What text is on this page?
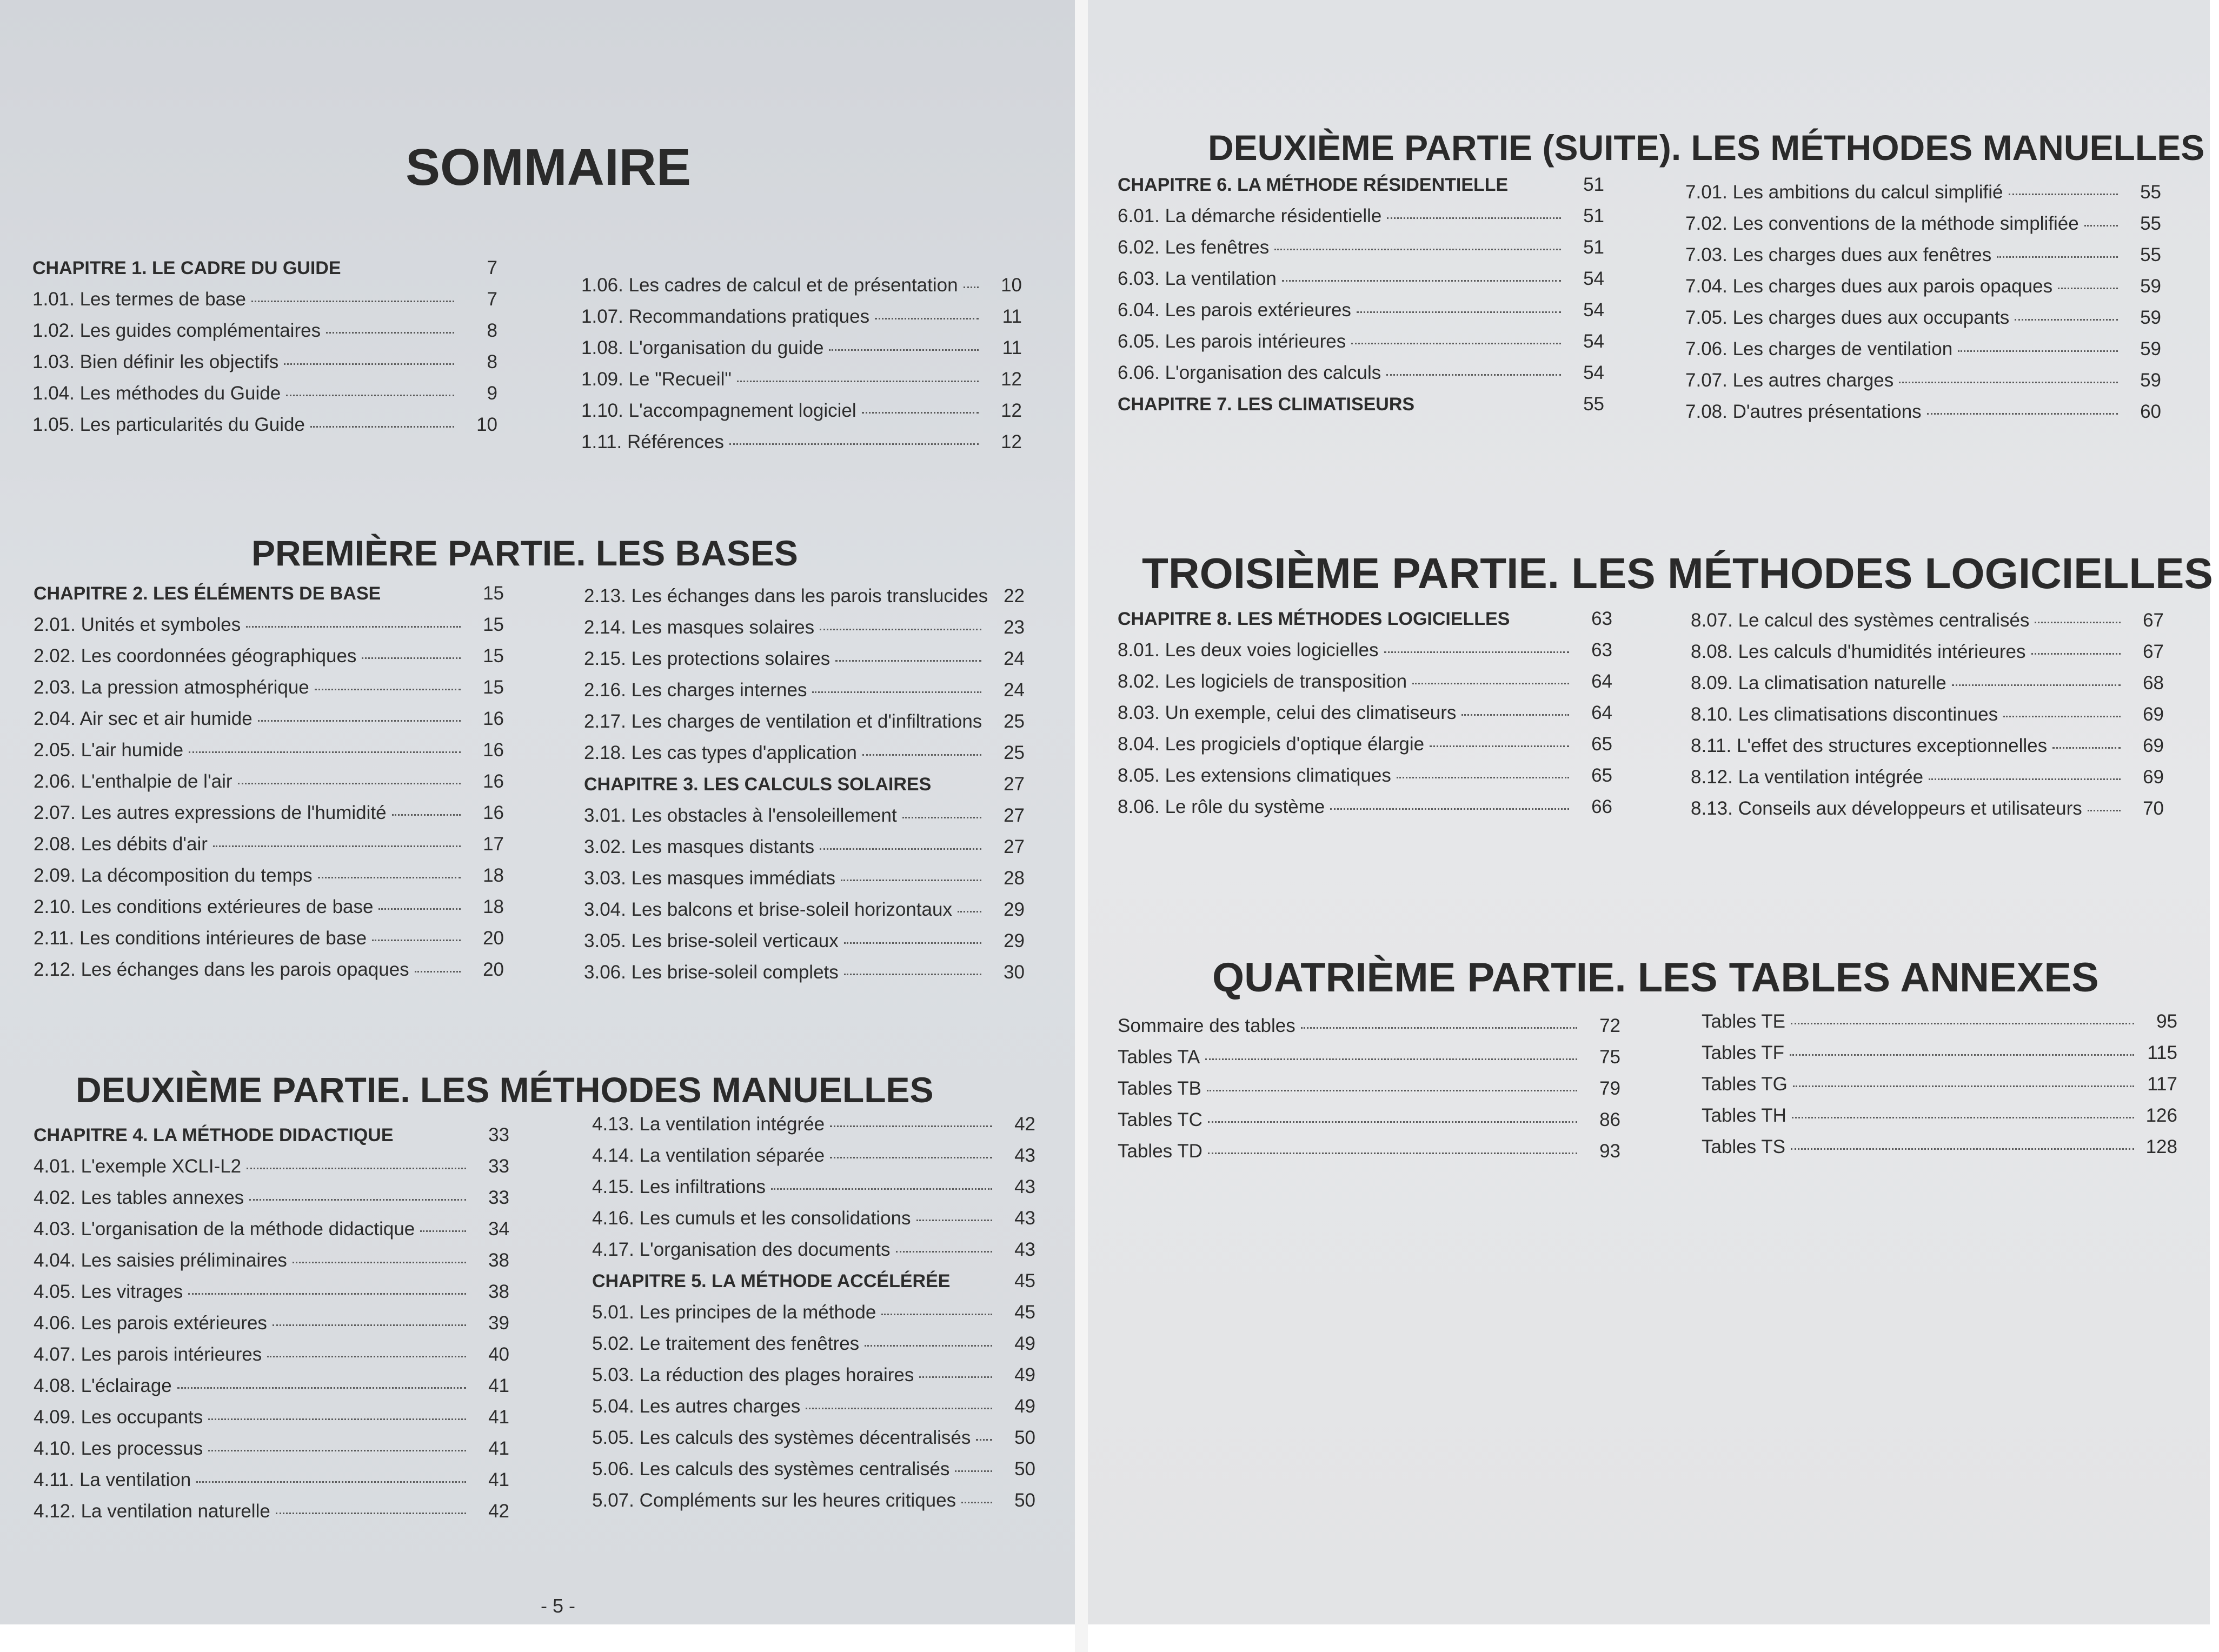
SOMMAIRE
CHAPITRE 1. LE CADRE DU GUIDE	7
1.01. Les termes de base	7
1.02. Les guides complémentaires	8
1.03. Bien définir les objectifs	8
1.04. Les méthodes du Guide	9
1.05. Les particularités du Guide	10
1.06. Les cadres de calcul et de présentation	10
1.07. Recommandations pratiques	11
1.08. L'organisation du guide	11
1.09. Le "Recueil"	12
1.10. L'accompagnement logiciel	12
1.11. Références	12
PREMIÈRE PARTIE. LES BASES
CHAPITRE 2. LES ÉLÉMENTS DE BASE	15
2.01. Unités et symboles	15
2.02. Les coordonnées géographiques	15
2.03. La pression atmosphérique	15
2.04. Air sec et air humide	16
2.05. L'air humide	16
2.06. L'enthalpie de l'air	16
2.07. Les autres expressions de l'humidité	16
2.08. Les débits d'air	17
2.09. La décomposition du temps	18
2.10. Les conditions extérieures de base	18
2.11. Les conditions intérieures de base	20
2.12. Les échanges dans les parois opaques	20
2.13. Les échanges dans les parois translucides 22
2.14. Les masques solaires	23
2.15. Les protections solaires	24
2.16. Les charges internes	24
2.17. Les charges de ventilation et d'infiltrations	25
2.18. Les cas types d'application	25
CHAPITRE 3. LES CALCULS SOLAIRES	27
3.01. Les obstacles à l'ensoleillement	27
3.02. Les masques distants	27
3.03. Les masques immédiats	28
3.04. Les balcons et brise-soleil horizontaux	29
3.05. Les brise-soleil verticaux	29
3.06. Les brise-soleil complets	30
DEUXIÈME PARTIE. LES MÉTHODES MANUELLES
CHAPITRE 4. LA MÉTHODE DIDACTIQUE	33
4.01. L'exemple XCLI-L2	33
4.02. Les tables annexes	33
4.03. L'organisation de la méthode didactique	34
4.04. Les saisies préliminaires	38
4.05. Les vitrages	38
4.06. Les parois extérieures	39
4.07. Les parois intérieures	40
4.08. L'éclairage	41
4.09. Les occupants	41
4.10. Les processus	41
4.11. La ventilation	41
4.12. La ventilation naturelle	42
4.13. La ventilation intégrée	42
4.14. La ventilation séparée	43
4.15. Les infiltrations	43
4.16. Les cumuls et les consolidations	43
4.17. L'organisation des documents	43
CHAPITRE 5. LA MÉTHODE ACCÉLÉRÉE	45
5.01. Les principes de la méthode	45
5.02. Le traitement des fenêtres	49
5.03. La réduction des plages horaires	49
5.04. Les autres charges	49
5.05. Les calculs des systèmes décentralisés	50
5.06. Les calculs des systèmes centralisés	50
5.07. Compléments sur les heures critiques	50
- 5 -
DEUXIÈME PARTIE (SUITE). LES MÉTHODES MANUELLES
CHAPITRE 6. LA MÉTHODE RÉSIDENTIELLE	51
6.01. La démarche résidentielle	51
6.02. Les fenêtres	51
6.03. La ventilation	54
6.04. Les parois extérieures	54
6.05. Les parois intérieures	54
6.06. L'organisation des calculs	54
CHAPITRE 7. LES CLIMATISEURS	55
7.01. Les ambitions du calcul simplifié	55
7.02. Les conventions de la méthode simplifiée	55
7.03. Les charges dues aux fenêtres	55
7.04. Les charges dues aux parois opaques	59
7.05. Les charges dues aux occupants	59
7.06. Les charges de ventilation	59
7.07. Les autres charges	59
7.08. D'autres présentations	60
TROISIÈME PARTIE. LES MÉTHODES LOGICIELLES
CHAPITRE 8. LES MÉTHODES LOGICIELLES	63
8.01. Les deux voies logicielles	63
8.02. Les logiciels de transposition	64
8.03. Un exemple, celui des climatiseurs	64
8.04. Les progiciels d'optique élargie	65
8.05. Les extensions climatiques	65
8.06. Le rôle du système	66
8.07. Le calcul des systèmes centralisés	67
8.08. Les calculs d'humidités intérieures	67
8.09. La climatisation naturelle	68
8.10. Les climatisations discontinues	69
8.11. L'effet des structures exceptionnelles	69
8.12. La ventilation intégrée	69
8.13. Conseils aux développeurs et utilisateurs	70
QUATRIÈME PARTIE. LES TABLES ANNEXES
Sommaire des tables	72
Tables TA	75
Tables TB	79
Tables TC	86
Tables TD	93
Tables TE	95
Tables TF	115
Tables TG	117
Tables TH	126
Tables TS	128
